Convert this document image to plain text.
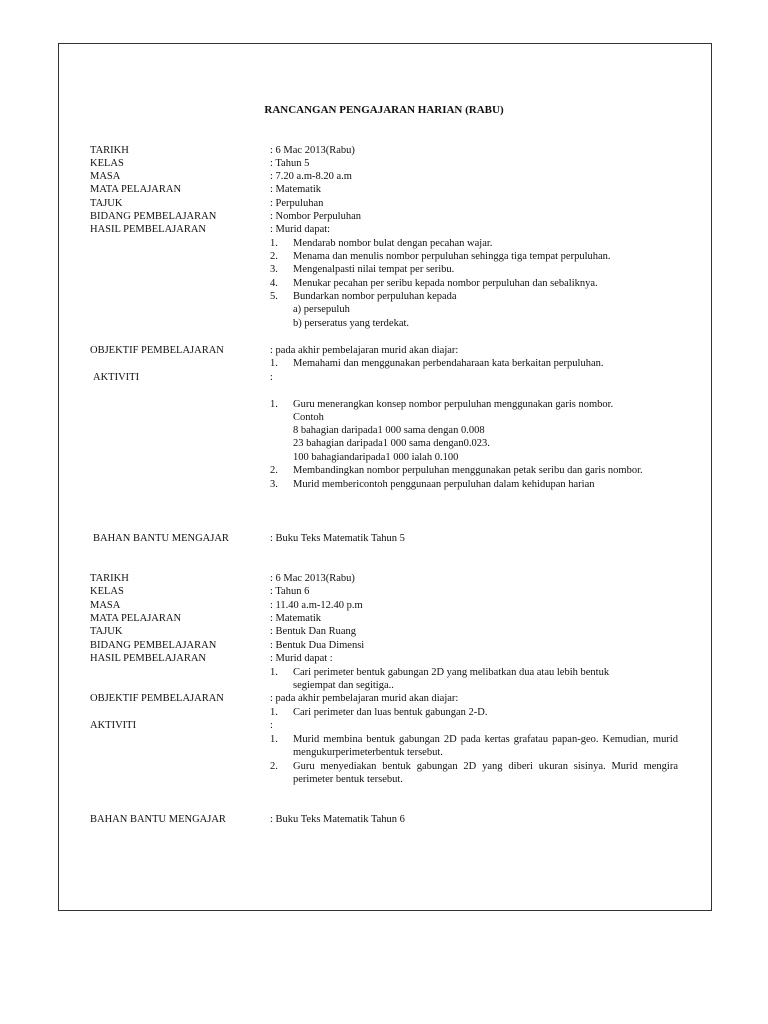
RANCANGAN PENGAJARAN HARIAN (RABU)
TARIKH	: 6 Mac 2013(Rabu)
KELAS	: Tahun 5
MASA	: 7.20 a.m-8.20 a.m
MATA PELAJARAN	: Matematik
TAJUK	: Perpuluhan
BIDANG PEMBELAJARAN	: Nombor Perpuluhan
HASIL PEMBELAJARAN	: Murid dapat:
1. Mendarab nombor bulat dengan pecahan wajar.
2. Menama dan menulis nombor perpuluhan sehingga tiga tempat perpuluhan.
3. Mengenalpasti nilai tempat per seribu.
4. Menukar pecahan per seribu kepada nombor perpuluhan dan sebaliknya.
5. Bundarkan nombor perpuluhan kepada
a) persepuluh
b) perseratus yang terdekat.
OBJEKTIF PEMBELAJARAN	: pada akhir pembelajaran murid akan diajar:
1. Memahami dan menggunakan perbendaharaan kata berkaitan perpuluhan.
AKTIVITI	:
1. Guru menerangkan konsep nombor perpuluhan menggunakan garis nombor.
Contoh
8 bahagian daripada1 000 sama dengan 0.008
23 bahagian daripada1 000 sama dengan0.023.
100 bahagiandaripada1 000 ialah 0.100
2. Membandingkan nombor perpuluhan menggunakan petak seribu dan garis nombor.
3. Murid membericontoh penggunaan perpuluhan dalam kehidupan harian
BAHAN BANTU MENGAJAR	: Buku Teks Matematik Tahun 5
TARIKH	: 6 Mac 2013(Rabu)
KELAS	: Tahun 6
MASA	: 11.40 a.m-12.40 p.m
MATA PELAJARAN	: Matematik
TAJUK	: Bentuk Dan Ruang
BIDANG PEMBELAJARAN	: Bentuk Dua Dimensi
HASIL PEMBELAJARAN	: Murid dapat :
1. Cari perimeter bentuk gabungan 2D yang melibatkan dua atau lebih bentuk segiempat dan segitiga..
OBJEKTIF PEMBELAJARAN	: pada akhir pembelajaran murid akan diajar:
1. Cari perimeter dan luas bentuk gabungan 2-D.
AKTIVITI	:
1. Murid membina bentuk gabungan 2D pada kertas grafatau papan-geo. Kemudian, murid mengukurperimeterbentuk tersebut.
2. Guru menyediakan bentuk gabungan 2D yang diberi ukuran sisinya. Murid mengira perimeter bentuk tersebut.
BAHAN BANTU MENGAJAR	: Buku Teks Matematik Tahun 6
